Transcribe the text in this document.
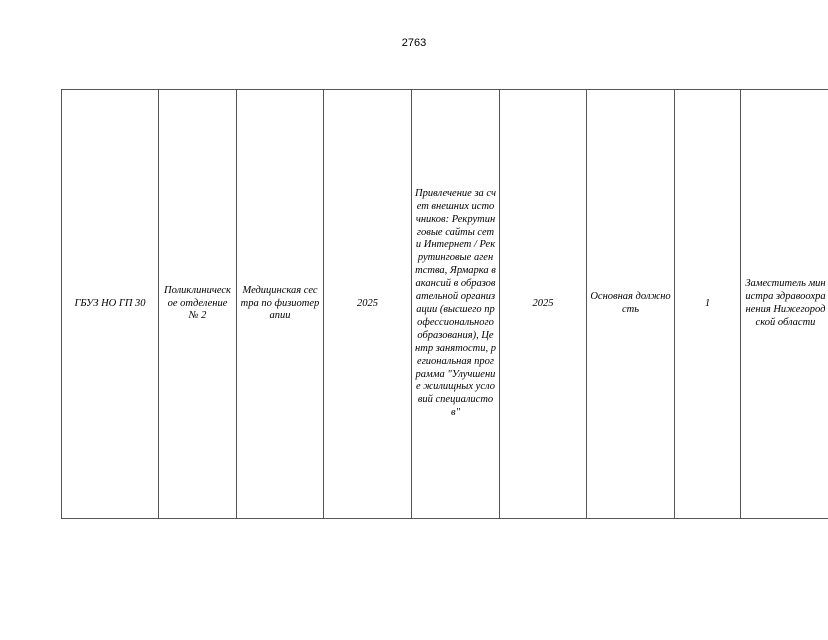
2763
ГБУЗ НО ГП 30

Поликлиническое отделение № 2

Медицинская сестра по физиотерапии

2025

Привлечение за счет внешних источников: Рекрутинговые сайты сети Интернет / Рекрутинговые агентства, Ярмарка вакансий в образовательной организации (высшего профессионального образования), Центр занятости, региональная программа "Улучшение жилищных условий специалистов"

2025

Основная должность

1

Заместитель министра здравоохранения Нижегородской области
